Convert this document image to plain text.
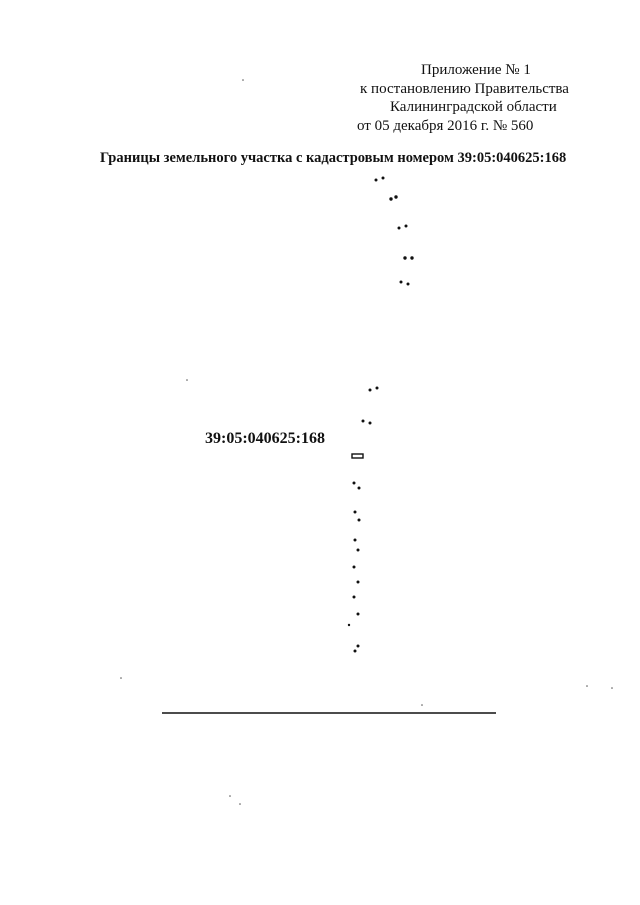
Приложение № 1
к постановлению Правительства
Калининградской области
от 05 декабря 2016 г. № 560
Границы земельного участка с кадастровым номером 39:05:040625:168
39:05:040625:168
